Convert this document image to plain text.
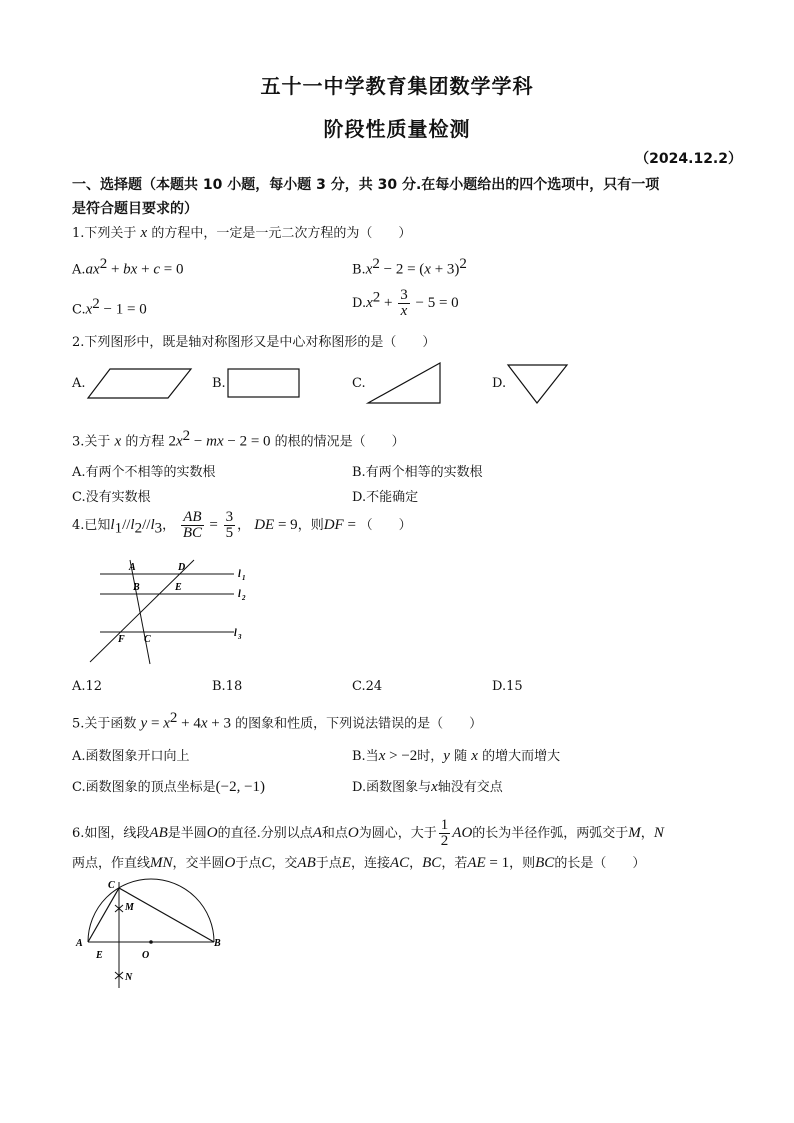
五十一中学教育集团数学学科
阶段性质量检测
（2024.12.2）
一、选择题（本题共 10 小题，每小题 3 分，共 30 分.在每小题给出的四个选项中，只有一项
是符合题目要求的）
1.下列关于 x 的方程中，一定是一元二次方程的为（　　）
$A.ax^2$ + bx + c = 0	$B.x^2 - 2 = (x + 3)^2$
$C.x^2 - 1 = 0$	$D.x^2 + \frac{3}{x} - 5 = 0$
2.下列图形中，既是轴对称图形又是中心对称图形的是（　　）
A.	B.	C.	D.
3.关于 x 的方程 $2x^2$ − mx − 2 = 0 的根的情况是（　　）
A.有两个不相等的实数根	B.有两个相等的实数根
C.没有实数根	D.不能确定
4.已知$l_1//l_2//l_3$， $\frac{AB}{BC} = \frac{3}{5}$ ， DE = 9，则DF = （　　）
A	D
B	E
F C
l 1
l 2
l 3
A.12	B.18	C.24	D.15
5.关于函数 $y = x^2 + 4x + 3$ 的图象和性质，下列说法错误的是（　　）
A.函数图象开口向上	B.当x > −2时，y 随 x 的增大而增大
C.函数图象的顶点坐标是(−2, −1)	D.函数图象与x轴没有交点
6.如图，线段AB是半圆O的直径.分别以点A和点O为圆心，大于 $\frac{1}{2}$ AO的长为半径作弧，两弧交于M，N
两点，作直线MN，交半圆O于点C，交AB于点E，连接AC，BC，若AE = 1，则BC的长是（　　）
C
M
A
E	O
B
N
